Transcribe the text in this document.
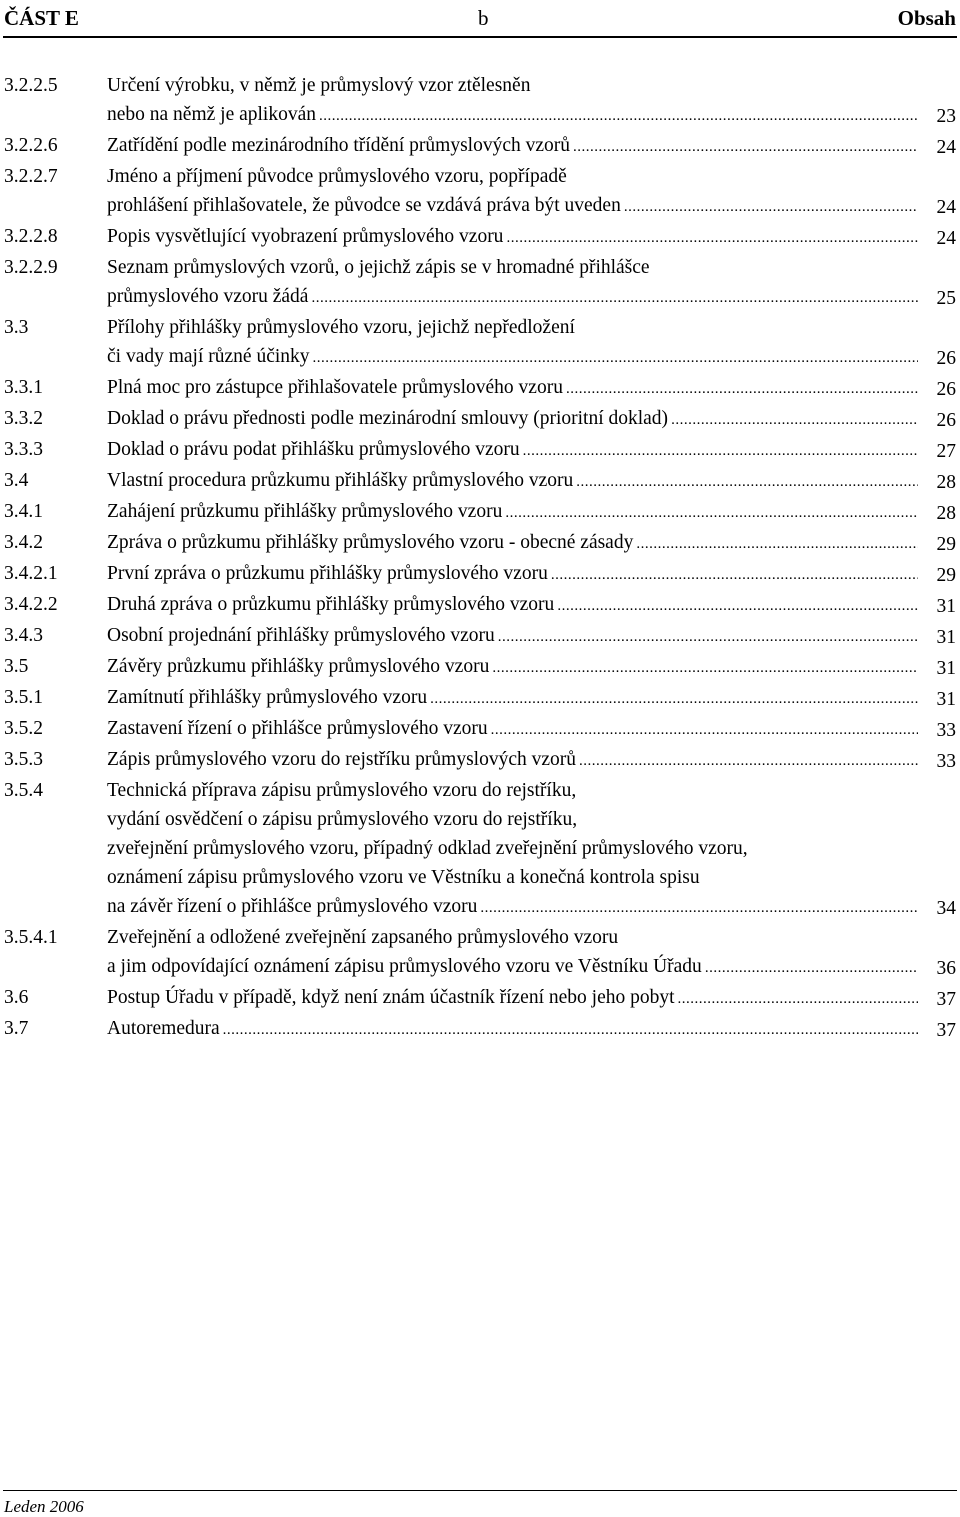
ČÁST E	b	Obsah
3.2.2.5	Určení výrobku, v němž je průmyslový vzor ztělesněn
nebo na němž je aplikován .....	23
3.2.2.6	Zatřídění podle mezinárodního třídění průmyslových vzorů .....	24
3.2.2.7	Jméno a příjmení původce průmyslového vzoru, popřípadě
prohlášení přihlašovatele, že původce se vzdává práva být uveden .....	24
3.2.2.8	Popis vysvětlující vyobrazení průmyslového vzoru .....	24
3.2.2.9	Seznam průmyslových vzorů, o jejichž zápis se v hromadné přihlášce
průmyslového vzoru žádá .....	25
3.3	Přílohy přihlášky průmyslového vzoru, jejichž nepředložení
či vady mají různé účinky .....	26
3.3.1	Plná moc pro zástupce přihlašovatele průmyslového vzoru .....	26
3.3.2	Doklad o právu přednosti podle mezinárodní smlouvy (prioritní doklad) .....	26
3.3.3	Doklad o právu podat přihlášku průmyslového vzoru .....	27
3.4	Vlastní procedura průzkumu přihlášky průmyslového vzoru .....	28
3.4.1	Zahájení průzkumu přihlášky průmyslového vzoru .....	28
3.4.2	Zpráva o průzkumu přihlášky průmyslového vzoru - obecné zásady .....	29
3.4.2.1	První zpráva o průzkumu přihlášky průmyslového vzoru .....	29
3.4.2.2	Druhá zpráva o průzkumu přihlášky průmyslového vzoru .....	31
3.4.3	Osobní projednání přihlášky průmyslového vzoru .....	31
3.5	Závěry průzkumu přihlášky průmyslového vzoru .....	31
3.5.1	Zamítnutí přihlášky průmyslového vzoru .....	31
3.5.2	Zastavení řízení o přihlášce průmyslového vzoru .....	33
3.5.3	Zápis průmyslového vzoru do rejstříku průmyslových vzorů .....	33
3.5.4	Technická příprava zápisu průmyslového vzoru do rejstříku,
vydání osvědčení o zápisu průmyslového vzoru do rejstříku,
zveřejnění průmyslového vzoru, případný odklad zveřejnění průmyslového vzoru,
oznámení zápisu průmyslového vzoru ve Věstníku a konečná kontrola spisu
na závěr řízení o přihlášce průmyslového vzoru .....	34
3.5.4.1	Zveřejnění a odložené zveřejnění zapsaného průmyslového vzoru
a jim odpovídající oznámení zápisu průmyslového vzoru ve Věstníku Úřadu .....	36
3.6	Postup Úřadu v případě, když není znám účastník řízení nebo jeho pobyt .....	37
3.7	Autoremedura .....	37
Leden 2006
